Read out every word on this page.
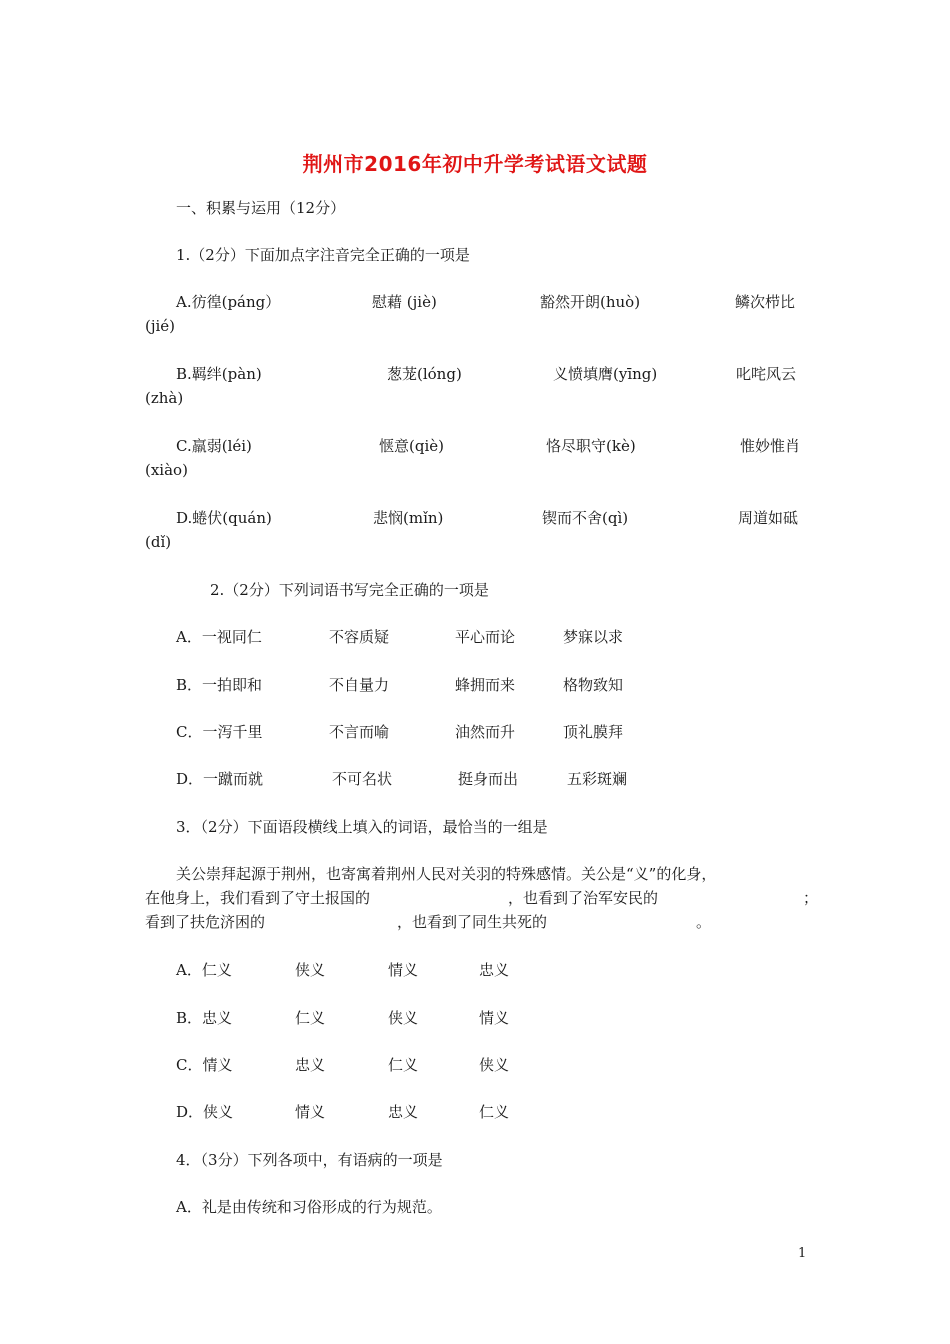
荆州市2016年初中升学考试语文试题
一、积累与运用（12分）
1.（2分）下面加点字注音完全正确的一项是
A.彷徨(páng）	慰藉 (jiè)	豁然开朗(huò)	鳞次栉比
(jié)
B.羁绊(pàn)	葱茏(lóng)	义愤填膺(yīng)	叱咤风云
(zhà)
C.羸弱(léi)	惬意(qiè)	恪尽职守(kè)	惟妙惟肖
(xiào)
D.蜷伏(quán)	悲悯(mǐn)	锲而不舍(qì)	周道如砥
(dǐ)
2.（2分）下列词语书写完全正确的一项是
A．一视同仁	不容质疑	平心而论	梦寐以求
B．一拍即和	不自量力	蜂拥而来	格物致知
C．一泻千里	不言而喻	油然而升	顶礼膜拜
D．一蹴而就	不可名状	挺身而出	五彩斑斓
3．（2分）下面语段横线上填入的词语，最恰当的一组是
关公崇拜起源于荆州，也寄寓着荆州人民对关羽的特殊感情。关公是“义”的化身，
在他身上，我们看到了守土报国的	，也看到了治军安民的	；
看到了扶危济困的	，也看到了同生共死的	。
A．仁义	侠义	情义	忠义
B．忠义	仁义	侠义	情义
C．情义	忠义	仁义	侠义
D．侠义	情义	忠义	仁义
4．（3分）下列各项中，有语病的一项是
A．礼是由传统和习俗形成的行为规范。
1
